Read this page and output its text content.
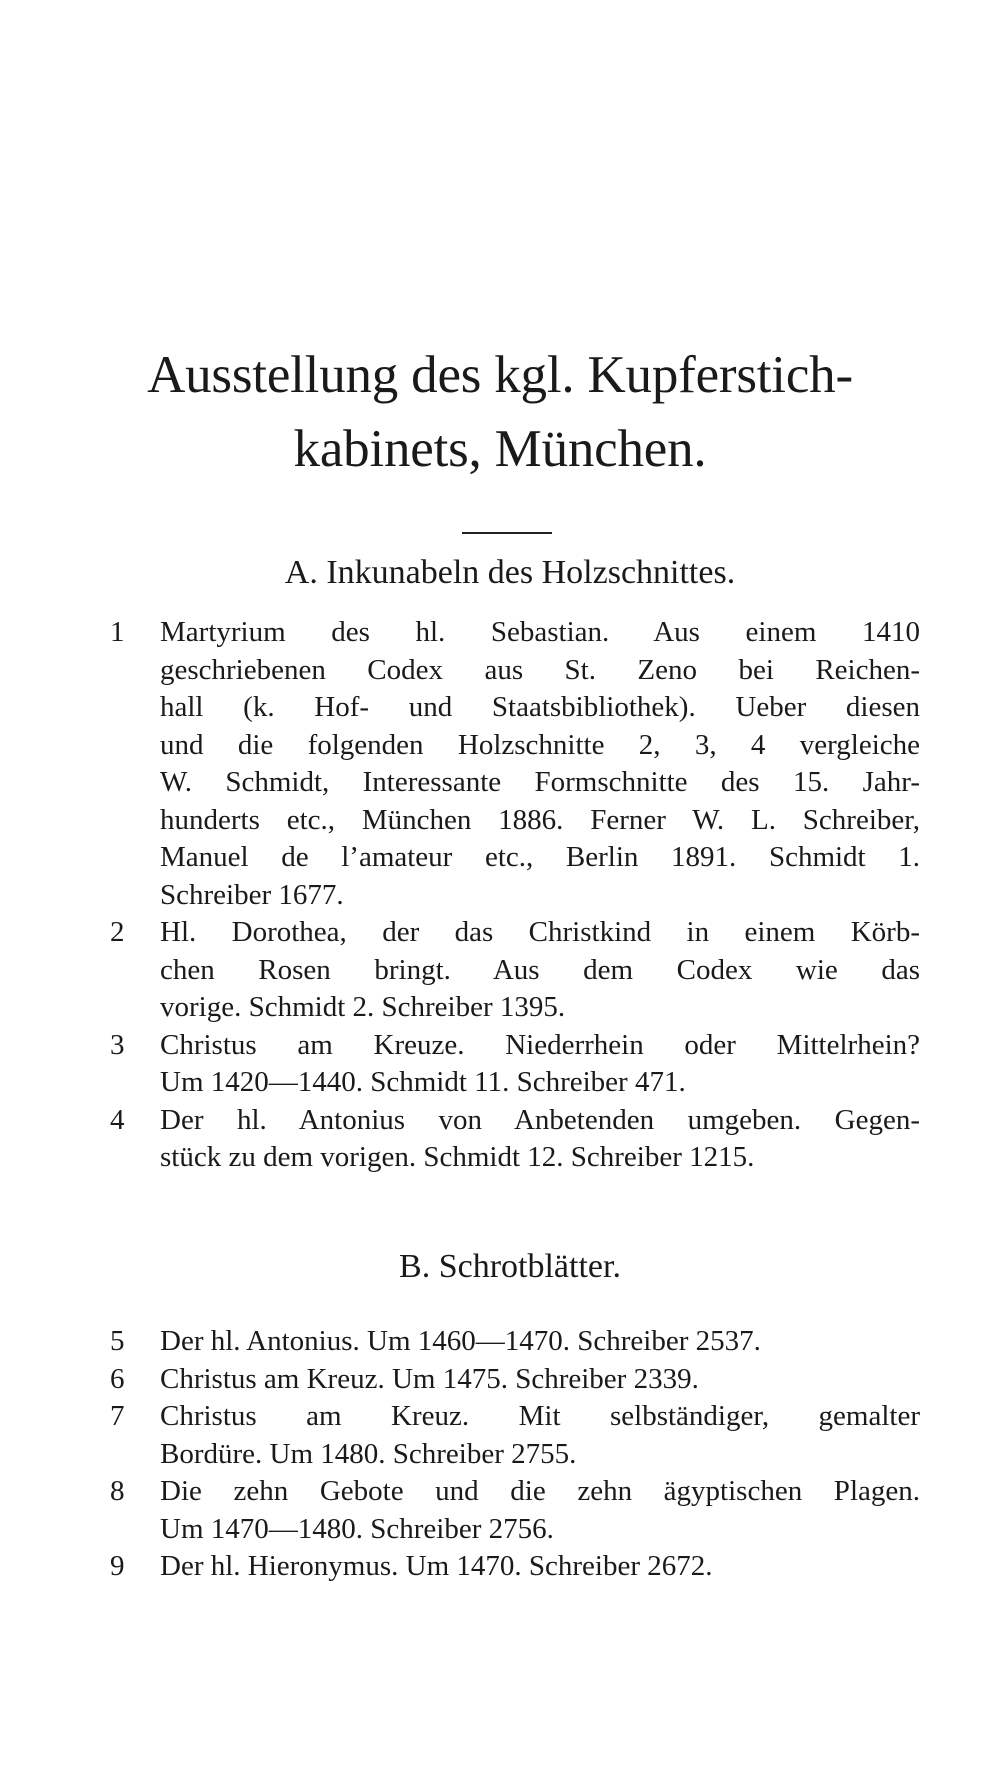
Ausstellung des kgl. Kupferstich-
kabinets, München.
A. Inkunabeln des Holzschnittes.
1	Martyrium des hl. Sebastian. Aus einem 1410
geschriebenen Codex aus St. Zeno bei Reichen-
hall (k. Hof- und Staatsbibliothek). Ueber diesen
und die folgenden Holzschnitte 2, 3, 4 vergleiche
W. Schmidt, Interessante Formschnitte des 15. Jahr-
hunderts etc., München 1886. Ferner W. L. Schreiber,
Manuel de l’amateur etc., Berlin 1891. Schmidt 1.
Schreiber 1677.
2	Hl. Dorothea, der das Christkind in einem Körb-
chen Rosen bringt. Aus dem Codex wie das
vorige. Schmidt 2. Schreiber 1395.
3	Christus am Kreuze. Niederrhein oder Mittelrhein?
Um 1420—1440. Schmidt 11. Schreiber 471.
4	Der hl. Antonius von Anbetenden umgeben. Gegen-
stück zu dem vorigen. Schmidt 12. Schreiber 1215.
B. Schrotblätter.
5	Der hl. Antonius. Um 1460—1470. Schreiber 2537.
6	Christus am Kreuz. Um 1475. Schreiber 2339.
7	Christus am Kreuz. Mit selbständiger, gemalter
Bordüre. Um 1480. Schreiber 2755.
8	Die zehn Gebote und die zehn ägyptischen Plagen.
Um 1470—1480. Schreiber 2756.
9	Der hl. Hieronymus. Um 1470. Schreiber 2672.
